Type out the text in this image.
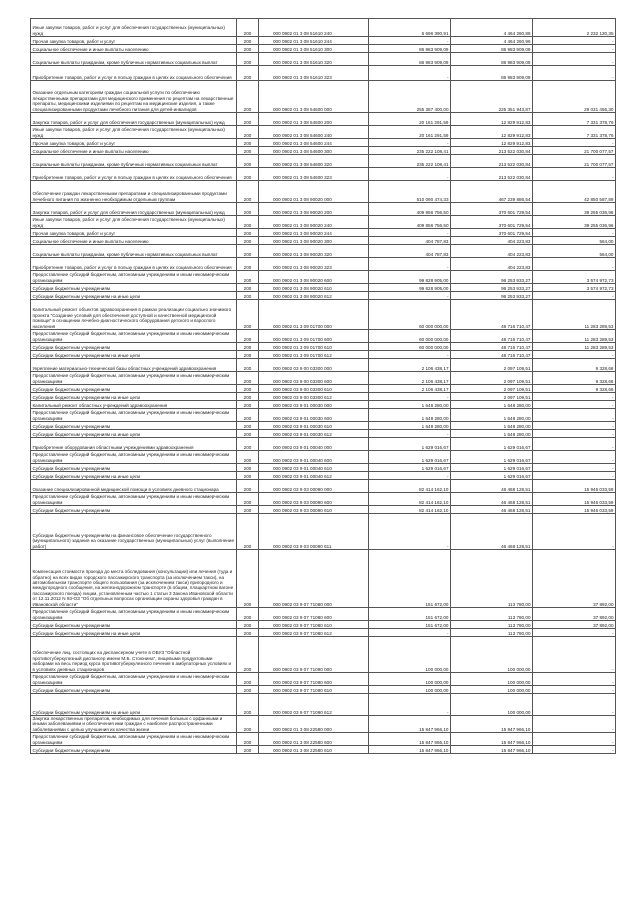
Иные закупки товаров, работ и услуг для обеспечения государственных (муниципальных) нужд	200	000 0902 01 3 08 51610 240	6 696 390,91	4 464 260,88	2 232 130,35
Прочая закупка товаров, работ и услуг	200	000 0902 01 3 08 51610 244	-	4 464 260,96	-
Социальное обеспечение и иные выплаты населению	200	000 0902 01 3 08 51610 300	86 983 909,09	86 983 909,09	-
Социальные выплаты гражданам, кроме публичных нормативных социальных выплат	200	000 0902 01 3 08 51610 320	86 983 909,09	86 983 909,09	-
Приобретение товаров, работ и услуг в пользу граждан в целях их социального обеспечения	200	000 0902 01 3 08 51610 323	-	86 983 909,09	-
Оказание отдельным категориям граждан социальной услуги по обеспечению лекарственными препаратами для медицинского применения по рецептам на лекарственные препараты, медицинскими изделиями по рецептам на медицинские изделия, а также специализированными продуктами лечебного питания для детей-инвалидов	200	000 0902 01 3 08 54600 000	255 387 400,00	225 351 943,87	29 031 456,30
Закупка товаров, работ и услуг для обеспечения государственных (муниципальных) нужд	200	000 0902 01 3 08 54600 200	20 161 291,59	12 829 912,83	7 331 378,76
Иные закупки товаров, работ и услуг для обеспечения государственных (муниципальных) нужд	200	000 0902 01 3 08 54600 240	20 161 291,59	12 829 912,83	7 331 378,76
Прочая закупка товаров, работ и услуг	200	000 0902 01 3 08 54600 244	-	12 829 912,83	-
Социальное обеспечение и иные выплаты населению	200	000 0902 01 3 08 54600 300	235 222 108,41	213 522 030,84	21 700 077,57
Социальные выплаты гражданам, кроме публичных нормативных социальных выплат	200	000 0902 01 3 08 54600 320	235 222 108,41	213 522 030,84	21 700 077,57
Приобретение товаров, работ и услуг в пользу граждан в целях их социального обеспечения	200	000 0902 01 3 08 54600 323	-	213 522 030,84	-
Обеспечение граждан лекарственными препаратами и специализированными продуктами лечебного питания по жизненно необходимым отдельным группам	200	000 0902 01 3 08 90020 000	510 090 474,33	467 239 886,54	42 850 587,89
Закупка товаров, работ и услуг для обеспечения государственных (муниципальных) нужд	200	000 0902 01 3 08 90020 200	409 856 756,50	370 601 729,54	39 255 036,96
Иные закупки товаров, работ и услуг для обеспечения государственных (муниципальных) нужд	200	000 0902 01 3 08 90020 240	409 856 756,50	370 601 729,54	39 255 036,96
Прочая закупка товаров, работ и услуг	200	000 0902 01 3 08 90020 244	-	370 601 729,54	-
Социальное обеспечение и иные выплаты населению	200	000 0902 01 3 08 90020 300	404 787,83	404 223,83	564,00
Социальные выплаты гражданам, кроме публичных нормативных социальных выплат	200	000 0902 01 3 08 90020 320	404 787,83	404 223,83	564,00
Приобретение товаров, работ и услуг в пользу граждан в целях их социального обеспечения	200	000 0902 01 3 08 90020 323	-	404 223,83	-
Предоставление субсидий бюджетным, автономным учреждениям и иным некоммерческим организациям	200	000 0902 01 3 08 90020 600	99 828 905,00	96 253 933,27	3 574 972,73
Субсидии бюджетным учреждениям	200	000 0902 01 3 08 90020 610	99 828 905,00	96 253 933,27	3 574 972,73
Субсидии бюджетным учреждениям на иные цели	200	000 0902 01 3 08 90020 612	-	96 253 933,27	-
Капитальный ремонт объектов здравоохранения в рамках реализации социально значимого проекта "Создание условий для обеспечения доступной и качественной медицинской помощи" в оснащении лечебно-диагностического оборудования детского и взрослого населения	200	000 0902 01 3 09 01700 000	60 000 000,00	48 716 710,47	11 283 289,53
Предоставление субсидий бюджетным, автономным учреждениям и иным некоммерческим организациям	200	000 0902 01 3 09 01700 600	60 000 000,00	48 716 710,47	11 283 289,53
Субсидии бюджетным учреждениям	200	000 0902 01 3 09 01700 610	60 000 000,00	48 716 710,47	11 283 289,53
Субсидии бюджетным учреждениям на иные цели	200	000 0902 01 3 09 01700 612	-	48 716 710,47	-
Укрепление материально-технической базы областных учреждений здравоохранения	200	000 0902 03 9 00 03300 000	2 106 438,17	2 097 109,51	9 328,66
Предоставление субсидий бюджетным, автономным учреждениям и иным некоммерческим организациям	200	000 0902 03 9 00 03300 600	2 106 438,17	2 097 109,51	9 328,66
Субсидии бюджетным учреждениям	200	000 0902 03 9 00 03300 610	2 106 438,17	2 097 109,51	9 328,66
Субсидии бюджетным учреждениям на иные цели	200	000 0902 03 9 00 03300 612	-	2 097 109,51	-
Капитальный ремонт областных учреждений здравоохранения	200	000 0902 03 9 01 00030 000	1 648 280,00	1 648 280,00	-
Предоставление субсидий бюджетным, автономным учреждениям и иным некоммерческим организациям	200	000 0902 03 9 01 00030 600	1 648 280,00	1 648 280,00	-
Субсидии бюджетным учреждениям	200	000 0902 03 9 01 00030 610	1 648 280,00	1 648 280,00	-
Субсидии бюджетным учреждениям на иные цели	200	000 0902 03 9 01 00030 612	-	1 648 280,00	-
Приобретение оборудования областными учреждениями здравоохранения	200	000 0902 03 9 01 00040 000	1 629 016,67	1 629 016,67	-
Предоставление субсидий бюджетным, автономным учреждениям и иным некоммерческим организациям	200	000 0902 03 9 01 00040 600	1 629 016,67	1 629 016,67	-
Субсидии бюджетным учреждениям	200	000 0902 03 9 01 00040 610	1 629 016,67	1 629 016,67	-
Субсидии бюджетным учреждениям на иные цели	200	000 0902 03 9 01 00040 612	-	1 629 016,67	-
Оказание специализированной медицинской помощи в условиях дневного стационара	200	000 0902 03 9 03 00090 000	82 414 162,10	46 468 128,51	15 946 033,59
Предоставление субсидий бюджетным, автономным учреждениям и иным некоммерческим организациям	200	000 0902 03 9 03 00090 600	82 414 162,10	46 468 128,51	15 946 033,59
Субсидии бюджетным учреждениям	200	000 0902 03 9 03 00090 610	82 414 162,10	46 468 128,51	15 946 033,59
Субсидии бюджетным учреждениям на финансовое обеспечение государственного (муниципального) задания на оказание государственных (муниципальных) услуг (выполнение работ)	200	000 0902 03 9 03 00090 611	-	46 468 128,51	-
Компенсация стоимости проезда до места обследования (консультации) или лечения (туда и обратно) на всех видах городского пассажирского транспорта (за исключением такси), на автомобильном транспорте общего пользования (за исключением такси) пригородного и междугородного сообщения, на железнодорожном транспорте (в общем, плацкартном вагоне пассажирского поезда) лицам, установленным частью 1 статьи 3 Закона Ивановской области от 12.11.2012 N 93-ОЗ "Об отдельных вопросах организации охраны здоровья граждан в Ивановской области"	200	000 0902 03 9 07 71080 000	151 672,00	113 780,00	37 892,00
Предоставление субсидий бюджетным, автономным учреждениям и иным некоммерческим организациям	200	000 0902 03 9 07 71080 600	151 672,00	113 780,00	37 892,00
Субсидии бюджетным учреждениям	200	000 0902 03 9 07 71080 610	151 672,00	113 780,00	37 892,00
Субсидии бюджетным учреждениям на иные цели	200	000 0902 03 9 07 71080 612	-	113 780,00	-
Обеспечение лиц, состоящих на диспансерном учете в ОБУЗ "Областной противотуберкулезный диспансер имени М.Б. Стоюнина", пищевыми продуктовыми наборами на весь период курса противотуберкулезного лечения в амбулаторных условиях и в условиях дневных стационаров	200	000 0902 03 9 07 71090 000	100 000,00	100 000,00	-
Предоставление субсидий бюджетным, автономным учреждениям и иным некоммерческим организациям	200	000 0902 03 9 07 71090 600	100 000,00	100 000,00	-
Субсидии бюджетным учреждениям	200	000 0902 03 9 07 71090 610	100 000,00	100 000,00	-
Субсидии бюджетным учреждениям на иные цели	200	000 0902 03 9 07 71090 612	-	100 000,00	-
Закупка лекарственных препаратов, необходимых для лечения больных с орфанными и иными заболеваниями и обеспечения ими граждан с наиболее распространенными заболеваниями с целью улучшения их качества жизни	200	000 0902 01 3 08 22580 000	15 847 966,10	15 847 966,10	-
Предоставление субсидий бюджетным, автономным учреждениям и иным некоммерческим организациям	200	000 0902 01 3 08 22580 600	15 847 966,10	15 847 966,10	-
Субсидии бюджетным учреждениям	200	000 0902 01 3 08 22580 610	15 847 966,10	15 847 966,10	-
